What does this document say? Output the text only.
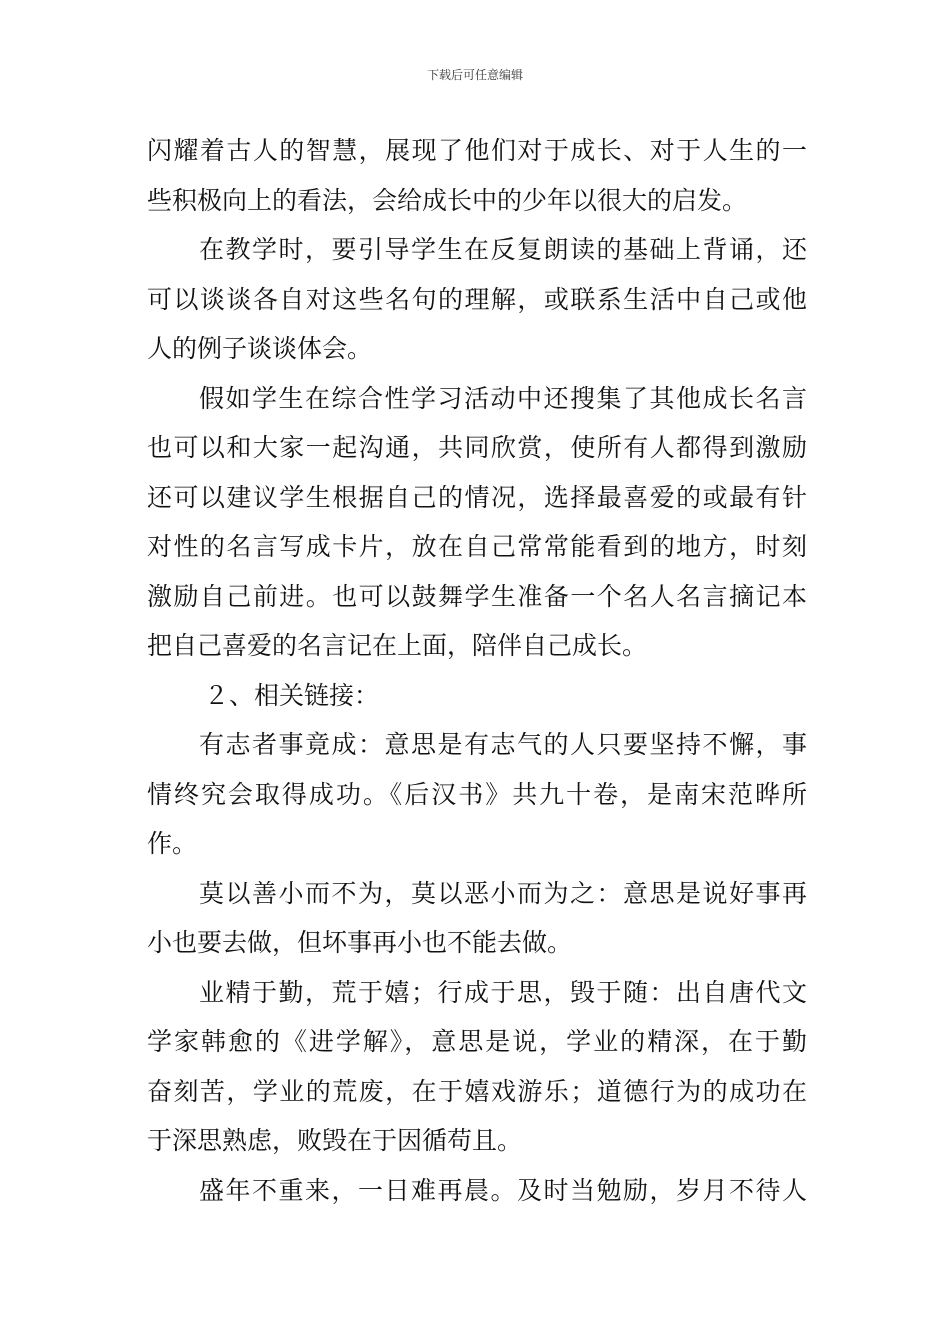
下载后可任意编辑
闪耀着古人的智慧，展现了他们对于成长、对于人生的一
些积极向上的看法，会给成长中的少年以很大的启发。
在教学时，要引导学生在反复朗读的基础上背诵，还
可以谈谈各自对这些名句的理解，或联系生活中自己或他
人的例子谈谈体会。
假如学生在综合性学习活动中还搜集了其他成长名言
也可以和大家一起沟通，共同欣赏，使所有人都得到激励
还可以建议学生根据自己的情况，选择最喜爱的或最有针
对性的名言写成卡片，放在自己常常能看到的地方，时刻
激励自己前进。也可以鼓舞学生准备一个名人名言摘记本
把自己喜爱的名言记在上面，陪伴自己成长。
２、相关链接：
有志者事竟成：意思是有志气的人只要坚持不懈，事
情终究会取得成功。《后汉书》共九十卷，是南宋范晔所
作。
莫以善小而不为，莫以恶小而为之：意思是说好事再
小也要去做，但坏事再小也不能去做。
业精于勤，荒于嬉；行成于思，毁于随：出自唐代文
学家韩愈的《进学解》，意思是说，学业的精深，在于勤
奋刻苦，学业的荒废，在于嬉戏游乐；道德行为的成功在
于深思熟虑，败毁在于因循苟且。
盛年不重来，一日难再晨。及时当勉励，岁月不待人
